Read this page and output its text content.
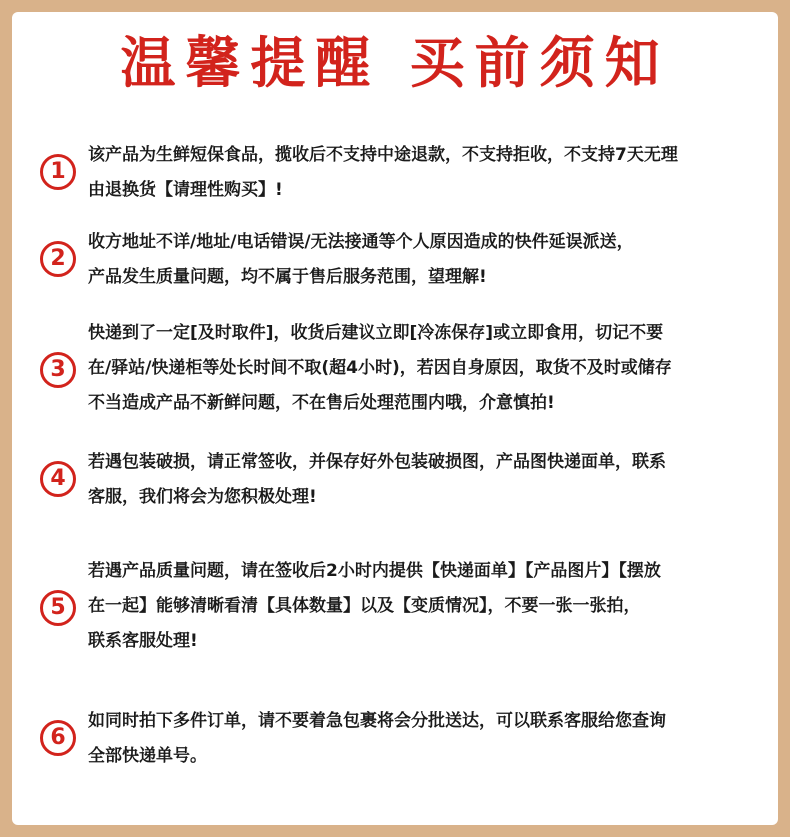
温馨提醒 买前须知
1
该产品为生鲜短保食品，揽收后不支持中途退款，不支持拒收，不支持7天无理
由退换货【请理性购买】!
2
收方地址不详/地址/电话错误/无法接通等个人原因造成的快件延误派送，
产品发生质量问题，均不属于售后服务范围，望理解!
3
快递到了一定[及时取件]，收货后建议立即[冷冻保存]或立即食用，切记不要
在/驿站/快递柜等处长时间不取(超4小时)，若因自身原因，取货不及时或储存
不当造成产品不新鲜问题，不在售后处理范围内哦，介意慎拍!
4
若遇包装破损，请正常签收，并保存好外包装破损图，产品图快递面单，联系
客服，我们将会为您积极处理!
5
若遇产品质量问题，请在签收后2小时内提供【快递面单】【产品图片】【摆放
在一起】能够清晰看清【具体数量】以及【变质情况】，不要一张一张拍，
联系客服处理!
6
如同时拍下多件订单，请不要着急包裹将会分批送达，可以联系客服给您查询
全部快递单号。
